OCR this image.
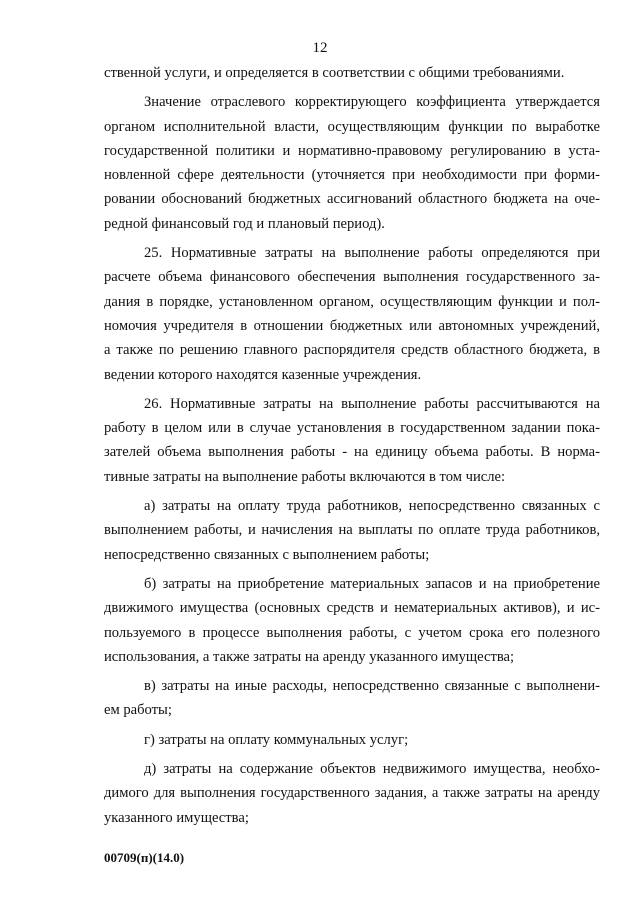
12
ственной услуги, и определяется в соответствии с общими требованиями.
Значение отраслевого корректирующего коэффициента утверждается
органом исполнительной власти, осуществляющим функции по выработке
государственной политики и нормативно-правовому регулированию в уста-
новленной сфере деятельности (уточняется при необходимости при форми-
ровании обоснований бюджетных ассигнований областного бюджета на оче-
редной финансовый год и плановый период).
25. Нормативные затраты на выполнение работы определяются при
расчете объема финансового обеспечения выполнения государственного за-
дания в порядке, установленном органом, осуществляющим функции и пол-
номочия учредителя в отношении бюджетных или автономных учреждений,
а также по решению главного распорядителя средств областного бюджета, в
ведении которого находятся казенные учреждения.
26. Нормативные затраты на выполнение работы рассчитываются на
работу в целом или в случае установления в государственном задании пока-
зателей объема выполнения работы - на единицу объема работы. В норма-
тивные затраты на выполнение работы включаются в том числе:
а) затраты на оплату труда работников, непосредственно связанных с
выполнением работы, и начисления на выплаты по оплате труда работников,
непосредственно связанных с выполнением работы;
б) затраты на приобретение материальных запасов и на приобретение
движимого имущества (основных средств и нематериальных активов), и ис-
пользуемого в процессе выполнения работы, с учетом срока его полезного
использования, а также затраты на аренду указанного имущества;
в) затраты на иные расходы, непосредственно связанные с выполнени-
ем работы;
г) затраты на оплату коммунальных услуг;
д) затраты на содержание объектов недвижимого имущества, необхо-
димого для выполнения государственного задания, а также затраты на аренду
указанного имущества;
00709(п)(14.0)
